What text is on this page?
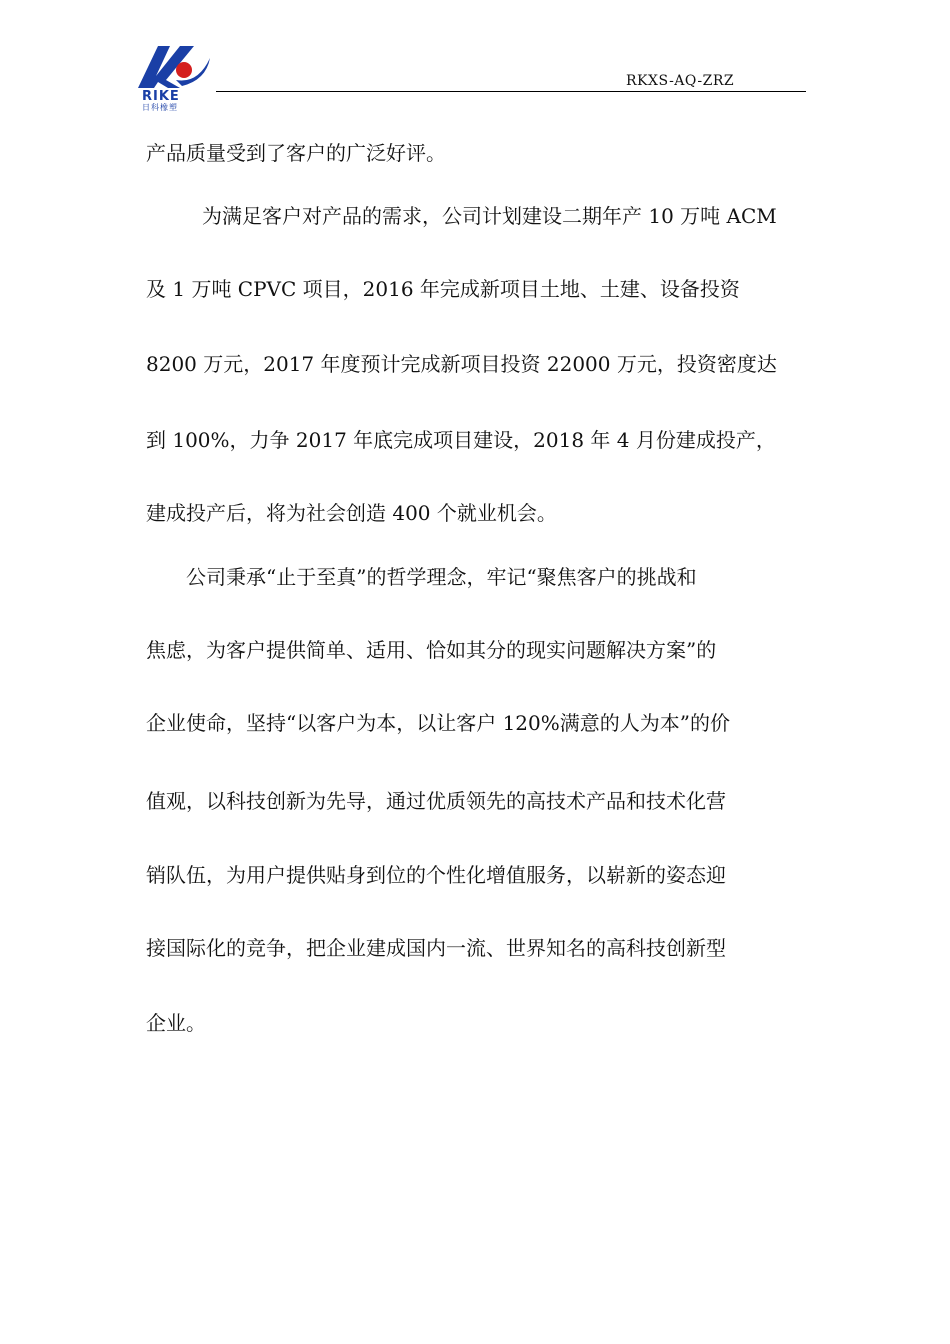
RIKE
日科橡塑
RKXS-AQ-ZRZ
产品质量受到了客户的广泛好评。
为满足客户对产品的需求，公司计划建设二期年产 10 万吨 ACM
及 1 万吨 CPVC 项目，2016 年完成新项目土地、土建、设备投资
8200 万元，2017 年度预计完成新项目投资 22000 万元，投资密度达
到 100%，力争 2017 年底完成项目建设，2018 年 4 月份建成投产，
建成投产后，将为社会创造 400 个就业机会。
公司秉承“止于至真”的哲学理念，牢记“聚焦客户的挑战和
焦虑，为客户提供简单、适用、恰如其分的现实问题解决方案”的
企业使命，坚持“以客户为本，以让客户 120%满意的人为本”的价
值观，以科技创新为先导，通过优质领先的高技术产品和技术化营
销队伍，为用户提供贴身到位的个性化增值服务，以崭新的姿态迎
接国际化的竞争，把企业建成国内一流、世界知名的高科技创新型
企业。
